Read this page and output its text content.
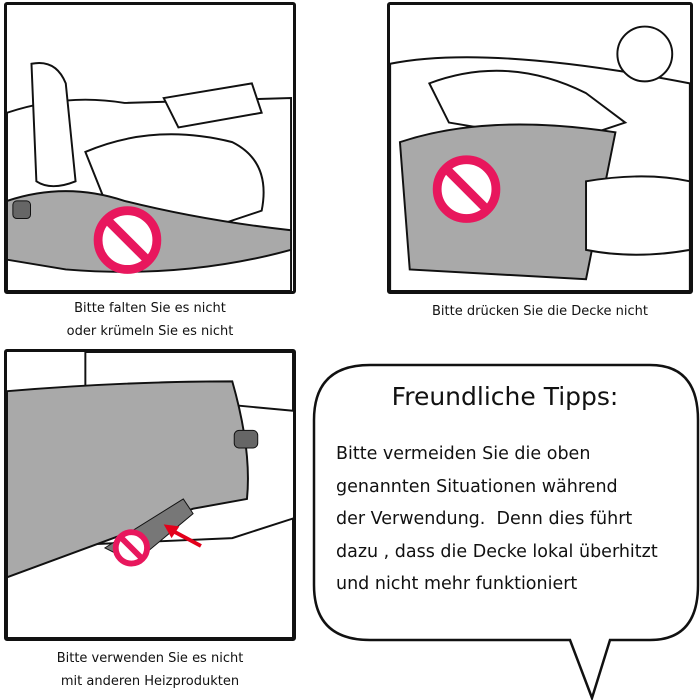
Bitte falten Sie es nicht
oder krümeln Sie es nicht
Bitte drücken Sie die Decke nicht
Bitte verwenden Sie es nicht
mit anderen Heizprodukten
Freundliche Tipps:
Bitte vermeiden Sie die oben
genannten Situationen während
der Verwendung.  Denn dies führt
dazu , dass die Decke lokal überhitzt
und nicht mehr funktioniert
